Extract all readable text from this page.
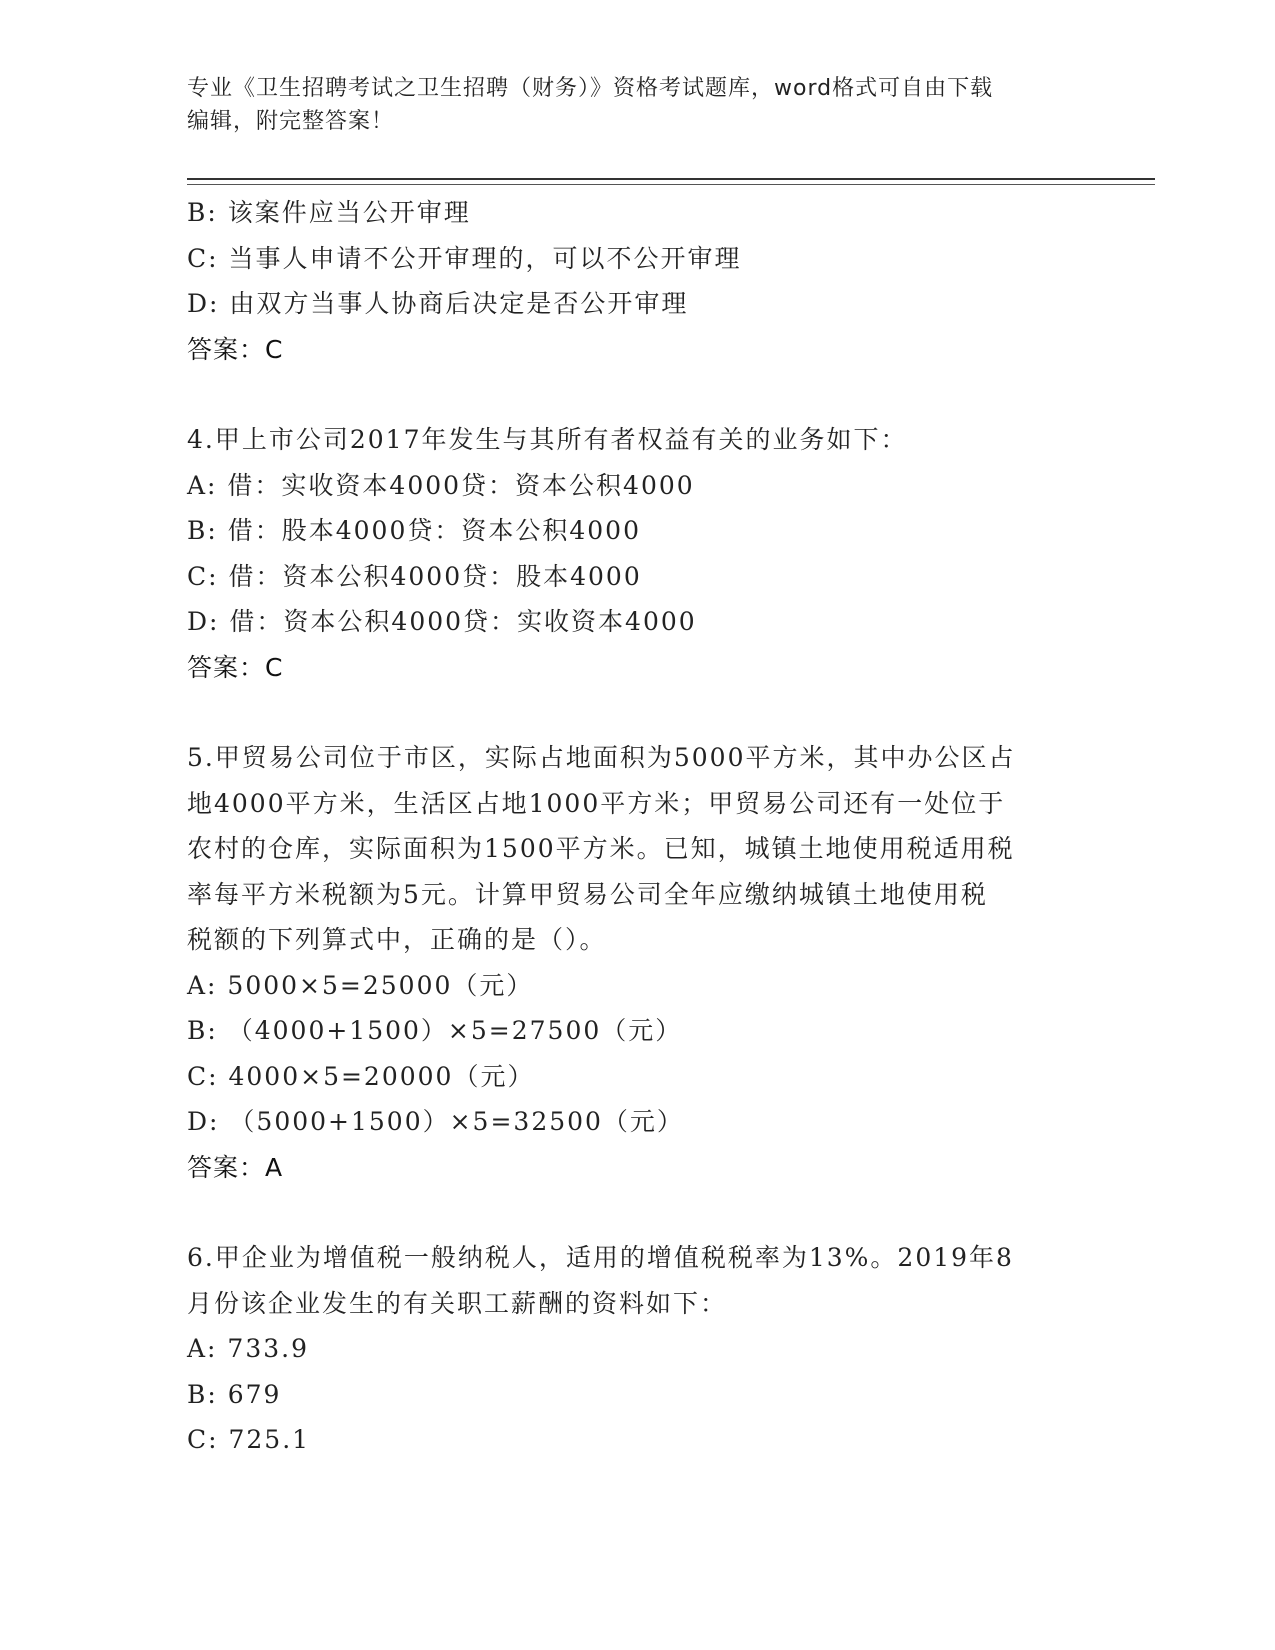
专业《卫生招聘考试之卫生招聘（财务）》资格考试题库，word格式可自由下载
编辑，附完整答案！
B: 该案件应当公开审理
C: 当事人申请不公开审理的，可以不公开审理
D: 由双方当事人协商后决定是否公开审理
答案：C
4.甲上市公司2017年发生与其所有者权益有关的业务如下：
A: 借：实收资本4000贷：资本公积4000
B: 借：股本4000贷：资本公积4000
C: 借：资本公积4000贷：股本4000
D: 借：资本公积4000贷：实收资本4000
答案：C
5.甲贸易公司位于市区，实际占地面积为5000平方米，其中办公区占
地4000平方米，生活区占地1000平方米；甲贸易公司还有一处位于
农村的仓库，实际面积为1500平方米。已知，城镇土地使用税适用税
率每平方米税额为5元。计算甲贸易公司全年应缴纳城镇土地使用税
税额的下列算式中，正确的是（）。
A: 5000×5=25000（元）
B: （4000+1500）×5=27500（元）
C: 4000×5=20000（元）
D: （5000+1500）×5=32500（元）
答案：A
6.甲企业为增值税一般纳税人，适用的增值税税率为13%。2019年8
月份该企业发生的有关职工薪酬的资料如下：
A: 733.9
B: 679
C: 725.1
